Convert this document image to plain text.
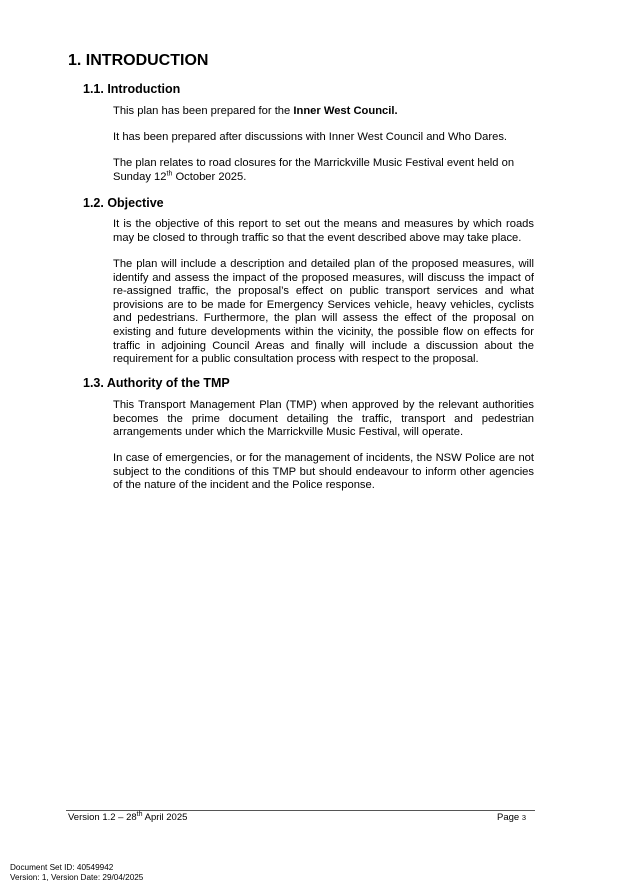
1. INTRODUCTION
1.1. Introduction
This plan has been prepared for the Inner West Council.
It has been prepared after discussions with Inner West Council and Who Dares.
The plan relates to road closures for the Marrickville Music Festival event held on Sunday 12th October 2025.
1.2. Objective
It is the objective of this report to set out the means and measures by which roads may be closed to through traffic so that the event described above may take place.
The plan will include a description and detailed plan of the proposed measures, will identify and assess the impact of the proposed measures, will discuss the impact of re-assigned traffic, the proposal’s effect on public transport services and what provisions are to be made for Emergency Services vehicle, heavy vehicles, cyclists and pedestrians. Furthermore, the plan will assess the effect of the proposal on existing and future developments within the vicinity, the possible flow on effects for traffic in adjoining Council Areas and finally will include a discussion about the requirement for a public consultation process with respect to the proposal.
1.3. Authority of the TMP
This Transport Management Plan (TMP) when approved by the relevant authorities becomes the prime document detailing the traffic, transport and pedestrian arrangements under which the Marrickville Music Festival, will operate.
In case of emergencies, or for the management of incidents, the NSW Police are not subject to the conditions of this TMP but should endeavour to inform other agencies of the nature of the incident and the Police response.
Version 1.2 – 28th April 2025	Page 3
Document Set ID: 40549942
Version: 1, Version Date: 29/04/2025
